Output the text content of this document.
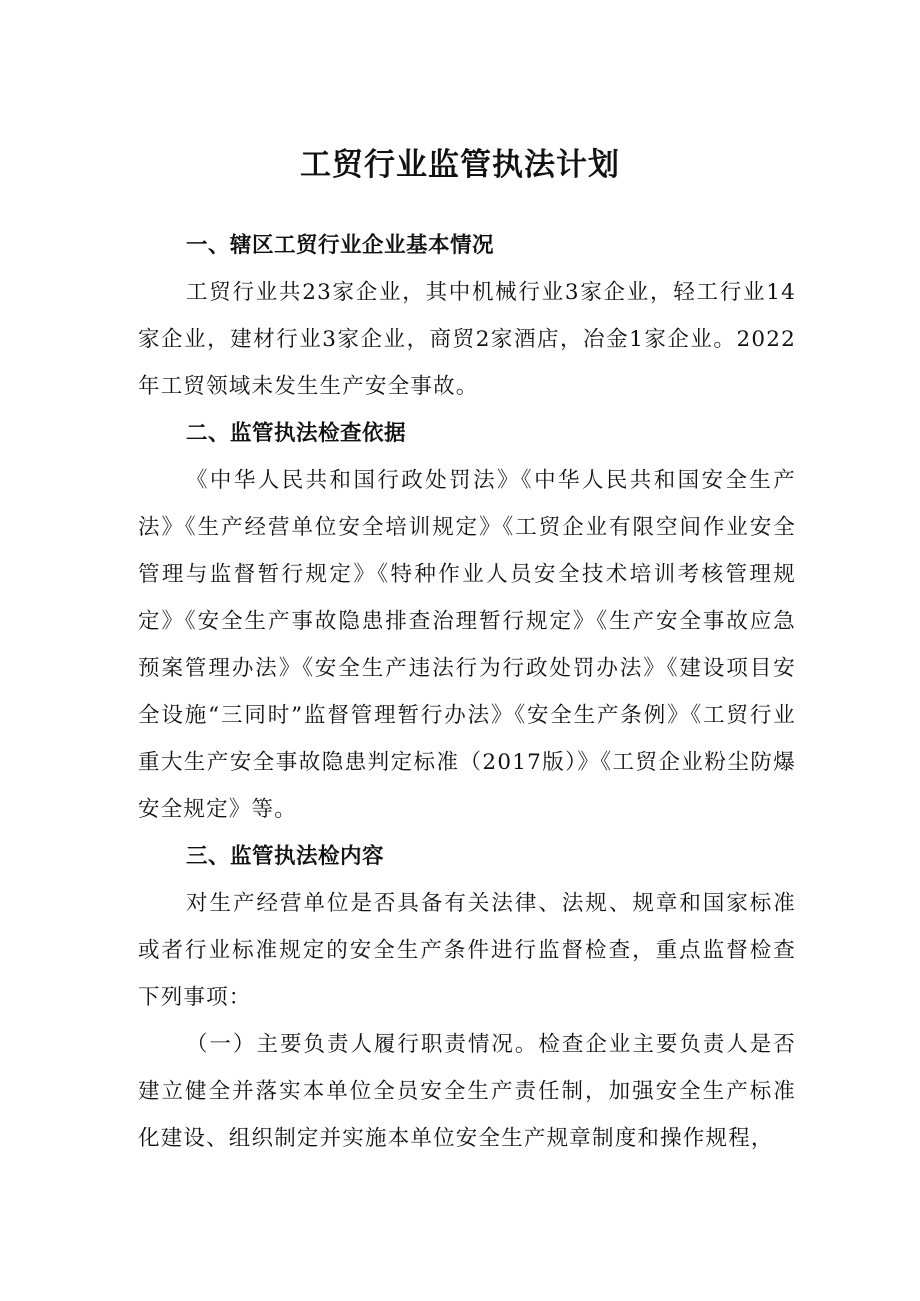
工贸行业监管执法计划
一、辖区工贸行业企业基本情况

工贸行业共23家企业，其中机械行业3家企业，轻工行业14家企业，建材行业3家企业，商贸2家酒店，冶金1家企业。2022年工贸领域未发生生产安全事故。

二、监管执法检查依据

《中华人民共和国行政处罚法》《中华人民共和国安全生产法》《生产经营单位安全培训规定》《工贸企业有限空间作业安全管理与监督暂行规定》《特种作业人员安全技术培训考核管理规定》《安全生产事故隐患排查治理暂行规定》《生产安全事故应急预案管理办法》《安全生产违法行为行政处罚办法》《建设项目安全设施“三同时”监督管理暂行办法》《安全生产条例》《工贸行业重大生产安全事故隐患判定标准（2017版）》《工贸企业粉尘防爆安全规定》等。

三、监管执法检内容

对生产经营单位是否具备有关法律、法规、规章和国家标准或者行业标准规定的安全生产条件进行监督检查，重点监督检查下列事项：

（一）主要负责人履行职责情况。检查企业主要负责人是否建立健全并落实本单位全员安全生产责任制，加强安全生产标准化建设、组织制定并实施本单位安全生产规章制度和操作规程，
